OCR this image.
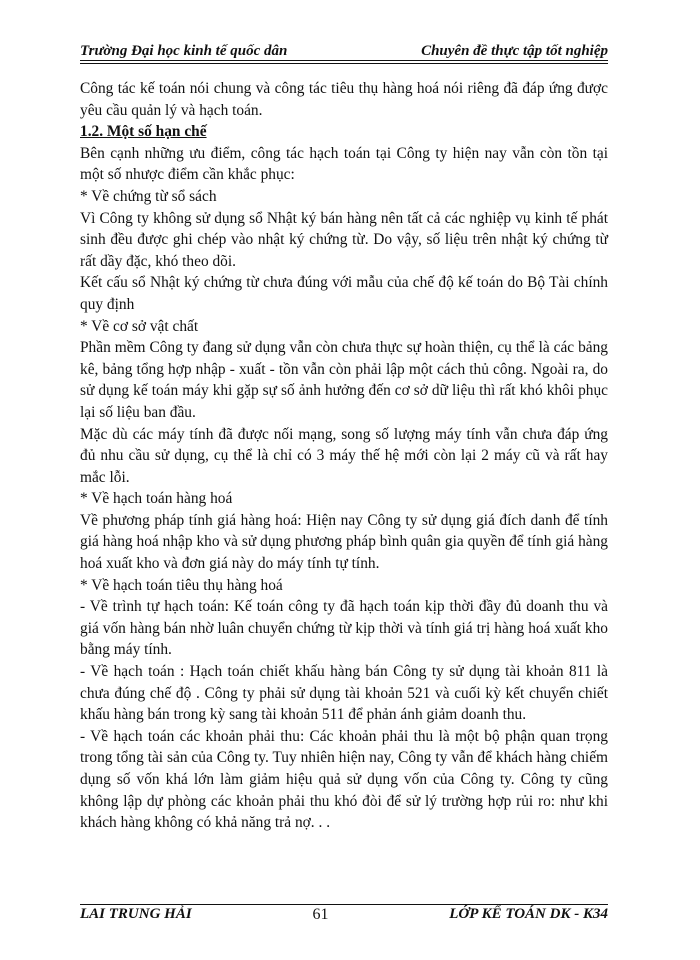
Trường Đại học kinh tế quốc dân	Chuyên đề thực tập tốt nghiệp

Công tác kế toán nói chung và công tác tiêu thụ hàng hoá nói riêng đã đáp ứng được yêu cầu quản lý và hạch toán.

1.2. Một số hạn chế

Bên cạnh những ưu điểm, công tác hạch toán tại Công ty hiện nay vẫn còn tồn tại một số nhược điểm cần khắc phục:

* Về chứng từ sổ sách

Vì Công ty không sử dụng sổ Nhật ký bán hàng nên tất cả các nghiệp vụ kinh tế phát sinh đều được ghi chép vào nhật ký chứng từ. Do vậy, số liệu trên nhật ký chứng từ rất dầy đặc, khó theo dõi.

Kết cấu sổ Nhật ký chứng từ chưa đúng với mẫu của chế độ kế toán do Bộ Tài chính quy định

* Về cơ sở vật chất

Phần mềm Công ty đang sử dụng vẫn còn chưa thực sự hoàn thiện, cụ thể là các bảng kê, bảng tổng hợp nhập - xuất - tồn vẫn còn phải lập một cách thủ công. Ngoài ra, do sử dụng kế toán máy khi gặp sự số ảnh hưởng đến cơ sở dữ liệu thì rất khó khôi phục lại số liệu ban đầu.

Mặc dù các máy tính đã được nối mạng, song số lượng máy tính vẫn chưa đáp ứng đủ nhu cầu sử dụng, cụ thể là chỉ có 3 máy thế hệ mới còn lại 2 máy cũ và rất hay mắc lỗi.

* Về hạch toán hàng hoá

Về phương pháp tính giá hàng hoá: Hiện nay Công ty sử dụng giá đích danh để tính giá hàng hoá nhập kho và sử dụng phương pháp bình quân gia quyền để tính giá hàng hoá xuất kho và đơn giá này do máy tính tự tính.

* Về hạch toán tiêu thụ hàng hoá

- Về trình tự hạch toán: Kế toán công ty đã hạch toán kịp thời đầy đủ doanh thu và giá vốn hàng bán nhờ luân chuyển chứng từ kịp thời và tính giá trị hàng hoá xuất kho bằng máy tính.

- Về hạch toán : Hạch toán chiết khấu hàng bán Công ty sử dụng tài khoản 811 là chưa đúng chế độ . Công ty phải sử dụng tài khoản 521 và cuối kỳ kết chuyển chiết khấu hàng bán trong kỳ sang tài khoản 511 để phản ánh giảm doanh thu.

- Về hạch toán các khoản phải thu: Các khoản phải thu là một bộ phận quan trọng trong tổng tài sản của Công ty. Tuy nhiên hiện nay, Công ty vẫn để khách hàng chiếm dụng số vốn khá lớn làm giảm hiệu quả sử dụng vốn của Công ty. Công ty cũng không lập dự phòng các khoản phải thu khó đòi để sử lý trường hợp rủi ro: như khi khách hàng không có khả năng trả nợ. . .

LAI TRUNG HẢI	61	LỚP KẾ TOÁN DK - K34
